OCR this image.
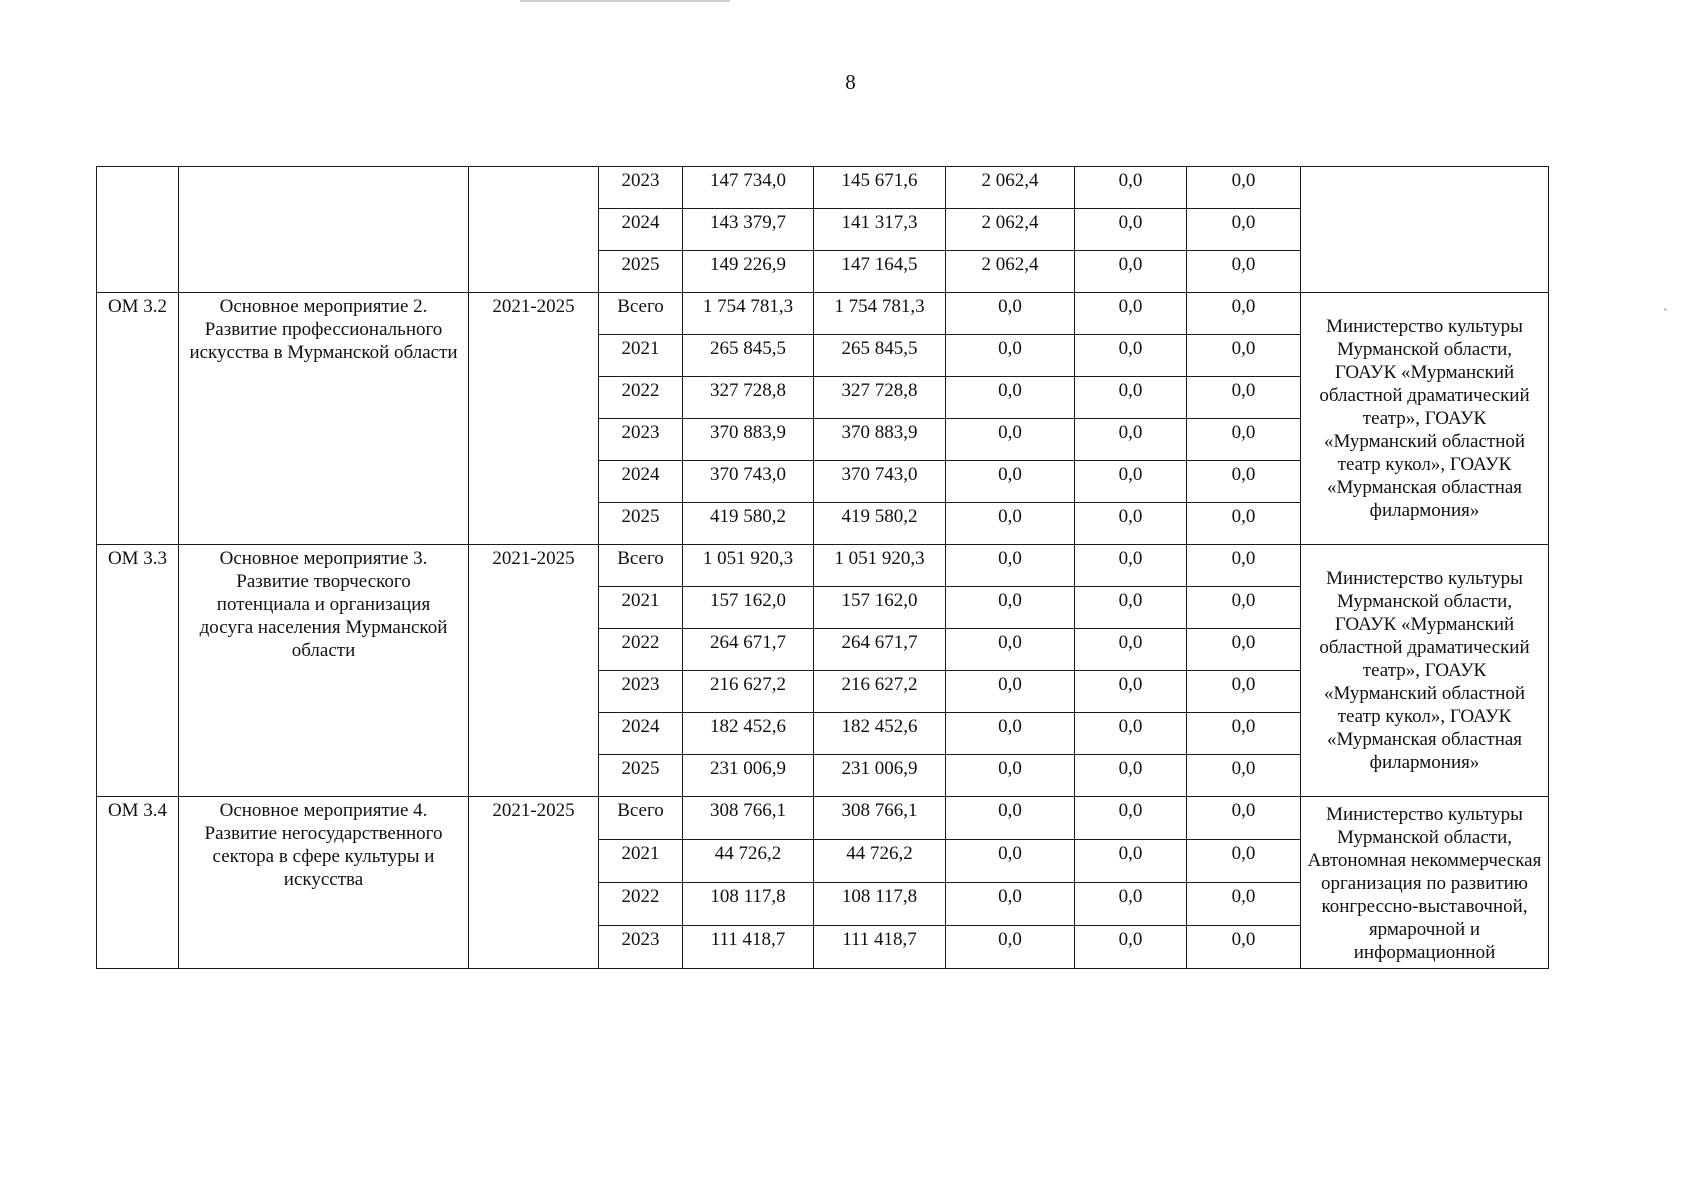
8
			2023	147 734,0	145 671,6	2 062,4	0,0	0,0	
			2024	143 379,7	141 317,3	2 062,4	0,0	0,0	
			2025	149 226,9	147 164,5	2 062,4	0,0	0,0	
ОМ 3.2	Основное мероприятие 2. Развитие профессионального искусства в Мурманской области	2021-2025	Всего	1 754 781,3	1 754 781,3	0,0	0,0	0,0	Министерство культуры Мурманской области, ГОАУК «Мурманский областной драматический театр», ГОАУК «Мурманский областной театр кукол», ГОАУК «Мурманская областная филармония»
			2021	265 845,5	265 845,5	0,0	0,0	0,0	
			2022	327 728,8	327 728,8	0,0	0,0	0,0	
			2023	370 883,9	370 883,9	0,0	0,0	0,0	
			2024	370 743,0	370 743,0	0,0	0,0	0,0	
			2025	419 580,2	419 580,2	0,0	0,0	0,0	
ОМ 3.3	Основное мероприятие 3. Развитие творческого потенциала и организация досуга населения Мурманской области	2021-2025	Всего	1 051 920,3	1 051 920,3	0,0	0,0	0,0	Министерство культуры Мурманской области, ГОАУК «Мурманский областной драматический театр», ГОАУК «Мурманский областной театр кукол», ГОАУК «Мурманская областная филармония»
			2021	157 162,0	157 162,0	0,0	0,0	0,0	
			2022	264 671,7	264 671,7	0,0	0,0	0,0	
			2023	216 627,2	216 627,2	0,0	0,0	0,0	
			2024	182 452,6	182 452,6	0,0	0,0	0,0	
			2025	231 006,9	231 006,9	0,0	0,0	0,0	
ОМ 3.4	Основное мероприятие 4. Развитие негосударственного сектора в сфере культуры и искусства	2021-2025	Всего	308 766,1	308 766,1	0,0	0,0	0,0	Министерство культуры Мурманской области, Автономная некоммерческая организация по развитию конгрессно-выставочной, ярмарочной и информационной
			2021	44 726,2	44 726,2	0,0	0,0	0,0	
			2022	108 117,8	108 117,8	0,0	0,0	0,0	
			2023	111 418,7	111 418,7	0,0	0,0	0,0	
